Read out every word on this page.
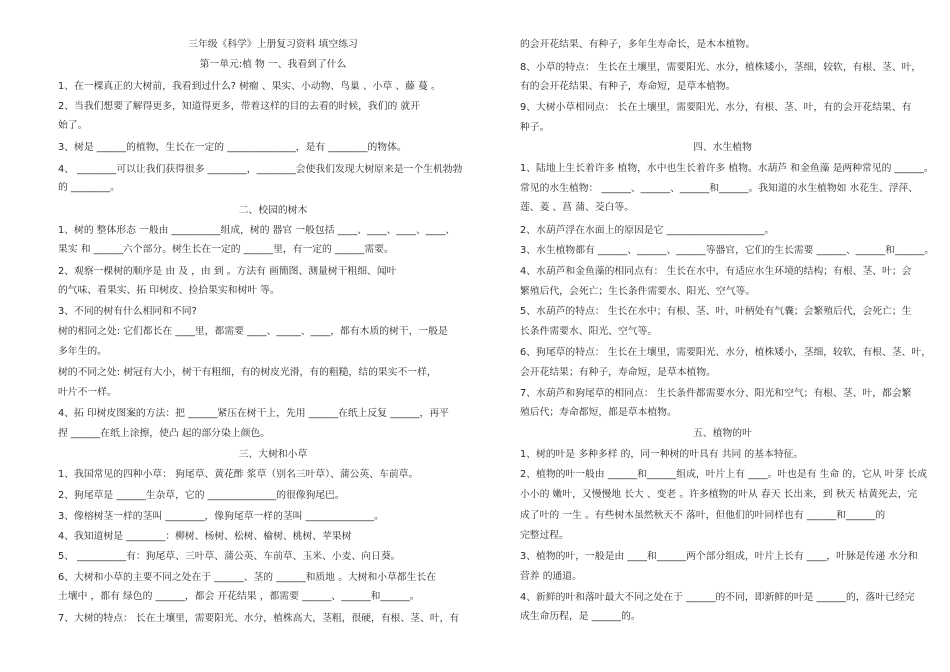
三年级《科学》上册复习资料 填空练习
第一单元:植 物 一、我看到了什么
1、在一棵真正的大树前，我看到过什么? 树瘤 、果实、小动物、鸟巢 、小草 、藤 蔓 。
2、当我们想要了解得更多，知道得更多，带着这样的目的去看的时候，我们的 就开
始了。
3、树是 ______的植物，生长在一定的 ______________，是有 ________的物体。
4、 ________可以让我们获得很多 ________，________会使我们发现大树原来是一个生机勃勃
的 ________。
二、校园的树木
1、树的 整体形态 一般由 __________组成，树的 器官 一般包括 ____、____、____、____、
果实 和 ______六个部分。树生长在一定的 ______里，有一定的 ______需要。
2、观察一棵树的顺序是 由 及 ，由 到 。方法有 画簡图、测量树干粗细、闻叶
的气味、看果实、拓 印树皮、捡拾果实和树叶 等。
3、不同的树有什么相同和不同?
树的相同之处: 它们都长在 ____里，都需要 ____、_____、____，都有木质的树干，一般是
多年生的。
树的不同之处: 树冠有大小，树干有粗细，有的树皮光滑，有的粗糙，结的果实不一样，
叶片不一样。
4、拓 印树皮图案的方法：把 ______紧压在树干上，先用 ______在纸上反复 ______，再平
捏 ______在纸上涂擦，使凸 起的部分染上颜色。
三、大树和小草
1、我国常见的四种小草： 狗尾草、黄花酢 浆草（别名三叶草）、蒲公英、车前草。
2、狗尾草是 ______生杂草，它的 ______________的很像狗尾巴。
3、像榕树茎一样的茎叫 ________，像狗尾草一样的茎叫 ______________。
4、我知道树是 ________：柳树、杨树、松树、榆树、桃树、苹果树
5、 __________有：狗尾草、三叶草、蒲公英、车前草、玉米、小麦、向日葵。
6、大树和小草的主要不同之处在于 ______、茎的 ______和质地 。大树和小草都生长在
土壤中 ，都有 绿色的 ______，都会 开花结果 ，都需要 ______、______和______。
7、大树的特点： 长在土壤里，需要阳光、水分，植株高大，茎粗，很硬，有根、茎、叶，有
的会开花结果、有种子，多年生寿命长，是木本植物。
8、小草的特点： 生长在土壤里，需要阳光、水分，植株矮小，茎细，较软，有根、茎、叶，
有的会开花结果、有种子，寿命短，是草本植物。
9、大树小草相同点： 长在土壤里，需要阳光、水分，有根、茎、叶，有的会开花结果、有
种子。
四、水生植物
1、陆地上生长着许多 植物，水中也生长着许多 植物。水葫芦 和金鱼藻 是两种常见的 ______。
常见的水生植物： ______、______、______和______。我知道的水生植物如 水花生、浮萍、
莲、菱 、菖 蒲、茭白等。
2、水葫芦浮在水面上的原因是它 ____________________。
3、水生植物都有 ______、______、______等器官，它们的生长需要 ______、______和______。
4、水葫芦和金鱼藻的相同点有： 生长在水中，有适应水生环境的结构；有根、茎、叶；会
繁殖后代，会死亡；生长条件需要水、阳光、空气等。
5、水葫芦的特点： 生长在水中；有根、茎、叶，叶柄处有气囊；会繁殖后代，会死亡；生
长条件需要水、阳光、空气等。
6、狗尾草的特点： 生长在土壤里，需要阳光、水分，植株矮小，茎细，较软，有根、茎、叶，
会开花结果；有种子，寿命短，是草本植物。
7、水葫芦和狗尾草的相同点： 生长条件都需要水分、阳光和空气；有根、茎、叶，都会繁
殖后代；寿命都短，都是草本植物。
五、植物的叶
1、树的叶是 多种多样 的，同一种树的叶具有 共同 的基本特征。
2、植物的叶一般由 ______和______组成，叶片上有 ____。叶也是有 生命 的，它从 叶芽 长成
小小的 嫩叶，又慢慢地 长大 、变老 。许多植物的叶从 春天 长出来，到 秋天 枯黄死去，完
成了叶的 一生 。有些树木虽然秋天不 落叶，但他们的叶同样也有 ______和______的
完整过程。
3、植物的叶，一般是由 ____和______两个部分组成，叶片上长有 ____，叶脉是传递 水分和
营养 的通道。
4、新鲜的叶和落叶最大不同之处在于 ______的不同，即新鲜的叶是 ______的，落叶已经完
成生命历程，是 ______的。
